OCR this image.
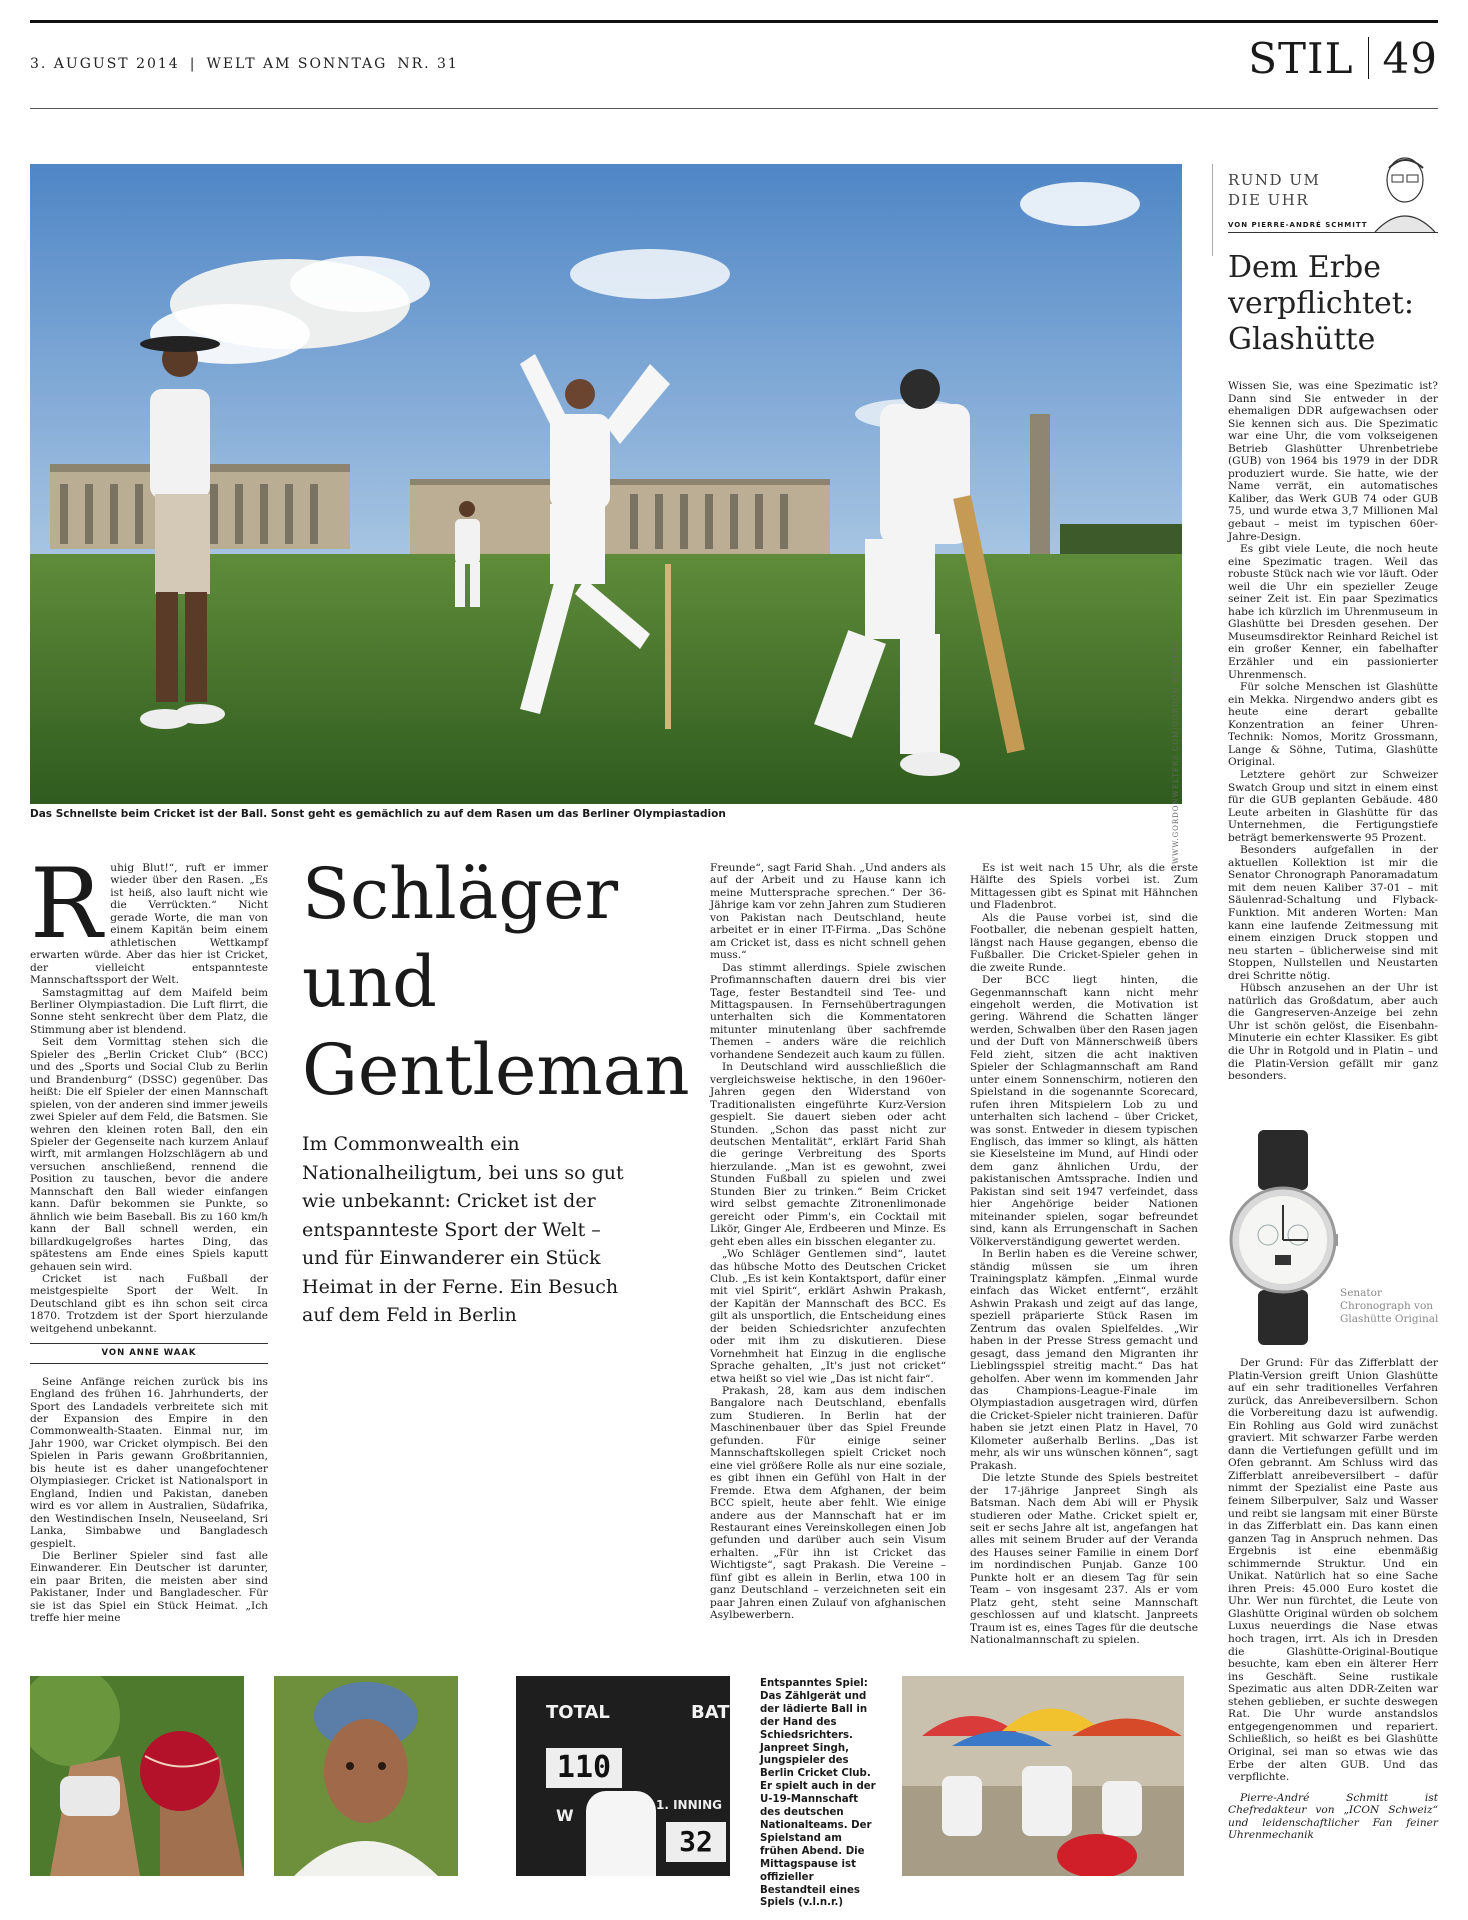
3. AUGUST 2014 | WELT AM SONNTAG NR. 31	STIL 49
WWW.GORDONWELTERS.COM/GORDON WELTERS
Das Schnellste beim Cricket ist der Ball. Sonst geht es gemächlich zu auf dem Rasen um das Berliner Olympiastadion
R uhig Blut!“, ruft er immer wieder über den Rasen. „Es ist heiß, also lauft nicht wie die Verrückten.“ Nicht gerade Worte, die man von einem Kapitän beim einem athletischen Wettkampf erwarten würde. Aber das hier ist Cricket, der vielleicht entspannteste Mannschaftssport der Welt.

Samstagmittag auf dem Maifeld beim Berliner Olympiastadion. Die Luft flirrt, die Sonne steht senkrecht über dem Platz, die Stimmung aber ist blendend.

Seit dem Vormittag stehen sich die Spieler des „Berlin Cricket Club“ (BCC) und des „Sports und Social Club zu Berlin und Brandenburg“ (DSSC) gegenüber. Das heißt: Die elf Spieler der einen Mannschaft spielen, von der anderen sind immer jeweils zwei Spieler auf dem Feld, die Batsmen. Sie wehren den kleinen roten Ball, den ein Spieler der Gegenseite nach kurzem Anlauf wirft, mit armlangen Holzschlägern ab und versuchen anschließend, rennend die Position zu tauschen, bevor die andere Mannschaft den Ball wieder einfangen kann. Dafür bekommen sie Punkte, so ähnlich wie beim Baseball. Bis zu 160 km/h kann der Ball schnell werden, ein billardkugelgroßes hartes Ding, das spätestens am Ende eines Spiels kaputt gehauen sein wird.

Cricket ist nach Fußball der meistgespielte Sport der Welt. In Deutschland gibt es ihn schon seit circa 1870. Trotzdem ist der Sport hierzulande weitgehend unbekannt.

VON ANNE WAAK

Seine Anfänge reichen zurück bis ins England des frühen 16. Jahrhunderts, der Sport des Landadels verbreitete sich mit der Expansion des Empire in den Commonwealth-Staaten. Einmal nur, im Jahr 1900, war Cricket olympisch. Bei den Spielen in Paris gewann Großbritannien, bis heute ist es daher unangefochtener Olympiasieger. Cricket ist Nationalsport in England, Indien und Pakistan, daneben wird es vor allem in Australien, Südafrika, den Westindischen Inseln, Neuseeland, Sri Lanka, Simbabwe und Bangladesch gespielt.

Die Berliner Spieler sind fast alle Einwanderer. Ein Deutscher ist darunter, ein paar Briten, die meisten aber sind Pakistaner, Inder und Bangladescher. Für sie ist das Spiel ein Stück Heimat. „Ich treffe hier meine

Schläger und Gentleman
Im Commonwealth ein Nationalheiligtum, bei uns so gut wie unbekannt: Cricket ist der entspannteste Sport der Welt – und für Einwanderer ein Stück Heimat in der Ferne. Ein Besuch auf dem Feld in Berlin

Freunde“, sagt Farid Shah. „Und anders als auf der Arbeit und zu Hause kann ich meine Muttersprache sprechen.“ Der 36-Jährige kam vor zehn Jahren zum Studieren von Pakistan nach Deutschland, heute arbeitet er in einer IT-Firma. „Das Schöne am Cricket ist, dass es nicht schnell gehen muss.“

Das stimmt allerdings. Spiele zwischen Profimannschaften dauern drei bis vier Tage, fester Bestandteil sind Tee- und Mittagspausen. In Fernsehübertragungen unterhalten sich die Kommentatoren mitunter minutenlang über sachfremde Themen – anders wäre die reichlich vorhandene Sendezeit auch kaum zu füllen.

In Deutschland wird ausschließlich die vergleichsweise hektische, in den 1960er-Jahren gegen den Widerstand von Traditionalisten eingeführte Kurz-Version gespielt. Sie dauert sieben oder acht Stunden. „Schon das passt nicht zur deutschen Mentalität“, erklärt Farid Shah die geringe Verbreitung des Sports hierzulande. „Man ist es gewohnt, zwei Stunden Fußball zu spielen und zwei Stunden Bier zu trinken.“ Beim Cricket wird selbst gemachte Zitronenlimonade gereicht oder Pimm's, ein Cocktail mit Likör, Ginger Ale, Erdbeeren und Minze. Es geht eben alles ein bisschen eleganter zu.

„Wo Schläger Gentlemen sind“, lautet das hübsche Motto des Deutschen Cricket Club. „Es ist kein Kontaktsport, dafür einer mit viel Spirit“, erklärt Ashwin Prakash, der Kapitän der Mannschaft des BCC. Es gilt als unsportlich, die Entscheidung eines der beiden Schiedsrichter anzufechten oder mit ihm zu diskutieren. Diese Vornehmheit hat Einzug in die englische Sprache gehalten, „It's just not cricket“ etwa heißt so viel wie „Das ist nicht fair“.

Prakash, 28, kam aus dem indischen Bangalore nach Deutschland, ebenfalls zum Studieren. In Berlin hat der Maschinenbauer über das Spiel Freunde gefunden. Für einige seiner Mannschaftskollegen spielt Cricket noch eine viel größere Rolle als nur eine soziale, es gibt ihnen ein Gefühl von Halt in der Fremde. Etwa dem Afghanen, der beim BCC spielt, heute aber fehlt. Wie einige andere aus der Mannschaft hat er im Restaurant eines Vereinskollegen einen Job gefunden und darüber auch sein Visum erhalten. „Für ihn ist Cricket das Wichtigste“, sagt Prakash. Die Vereine – fünf gibt es allein in Berlin, etwa 100 in ganz Deutschland – verzeichneten seit ein paar Jahren einen Zulauf von afghanischen Asylbewerbern.

Es ist weit nach 15 Uhr, als die erste Hälfte des Spiels vorbei ist. Zum Mittagessen gibt es Spinat mit Hähnchen und Fladenbrot.

Als die Pause vorbei ist, sind die Footballer, die nebenan gespielt hatten, längst nach Hause gegangen, ebenso die Fußballer. Die Cricket-Spieler gehen in die zweite Runde.

Der BCC liegt hinten, die Gegenmannschaft kann nicht mehr eingeholt werden, die Motivation ist gering. Während die Schatten länger werden, Schwalben über den Rasen jagen und der Duft von Männerschweiß übers Feld zieht, sitzen die acht inaktiven Spieler der Schlagmannschaft am Rand unter einem Sonnenschirm, notieren den Spielstand in die sogenannte Scorecard, rufen ihren Mitspielern Lob zu und unterhalten sich lachend – über Cricket, was sonst. Entweder in diesem typischen Englisch, das immer so klingt, als hätten sie Kieselsteine im Mund, auf Hindi oder dem ganz ähnlichen Urdu, der pakistanischen Amtssprache. Indien und Pakistan sind seit 1947 verfeindet, dass hier Angehörige beider Nationen miteinander spielen, sogar befreundet sind, kann als Errungenschaft in Sachen Völkerverständigung gewertet werden.

In Berlin haben es die Vereine schwer, ständig müssen sie um ihren Trainingsplatz kämpfen. „Einmal wurde einfach das Wicket entfernt“, erzählt Ashwin Prakash und zeigt auf das lange, speziell präparierte Stück Rasen im Zentrum das ovalen Spielfeldes. „Wir haben in der Presse Stress gemacht und gesagt, dass jemand den Migranten ihr Lieblingsspiel streitig macht.“ Das hat geholfen. Aber wenn im kommenden Jahr das Champions-League-Finale im Olympiastadion ausgetragen wird, dürfen die Cricket-Spieler nicht trainieren. Dafür haben sie jetzt einen Platz in Havel, 70 Kilometer außerhalb Berlins. „Das ist mehr, als wir uns wünschen können“, sagt Prakash.

Die letzte Stunde des Spiels bestreitet der 17-jährige Janpreet Singh als Batsman. Nach dem Abi will er Physik studieren oder Mathe. Cricket spielt er, seit er sechs Jahre alt ist, angefangen hat alles mit seinem Bruder auf der Veranda des Hauses seiner Familie in einem Dorf im nordindischen Punjab. Ganze 100 Punkte holt er an diesem Tag für sein Team – von insgesamt 237. Als er vom Platz geht, steht seine Mannschaft geschlossen auf und klatscht. Janpreets Traum ist es, eines Tages für die deutsche Nationalmannschaft zu spielen.

TOTAL	BAT
110
W
1. INNING
32
Entspanntes Spiel: Das Zählgerät und der lädierte Ball in der Hand des Schiedsrichters. Janpreet Singh, Jungspieler des Berlin Cricket Club. Er spielt auch in der U-19-Mannschaft des deutschen Nationalteams. Der Spielstand am frühen Abend. Die Mittagspause ist offizieller Bestandteil eines Spiels (v.l.n.r.)
RUND UM
DIE UHR
VON PIERRE-ANDRÉ SCHMITT
Dem Erbe verpflichtet: Glashütte

Wissen Sie, was eine Spezimatic ist? Dann sind Sie entweder in der ehemaligen DDR aufgewachsen oder Sie kennen sich aus. Die Spezimatic war eine Uhr, die vom volkseigenen Betrieb Glashütter Uhrenbetriebe (GUB) von 1964 bis 1979 in der DDR produziert wurde. Sie hatte, wie der Name verrät, ein automatisches Kaliber, das Werk GUB 74 oder GUB 75, und wurde etwa 3,7 Millionen Mal gebaut – meist im typischen 60er-Jahre-Design.

Es gibt viele Leute, die noch heute eine Spezimatic tragen. Weil das robuste Stück nach wie vor läuft. Oder weil die Uhr ein spezieller Zeuge seiner Zeit ist. Ein paar Spezimatics habe ich kürzlich im Uhrenmuseum in Glashütte bei Dresden gesehen. Der Museumsdirektor Reinhard Reichel ist ein großer Kenner, ein fabelhafter Erzähler und ein passionierter Uhrenmensch.

Für solche Menschen ist Glashütte ein Mekka. Nirgendwo anders gibt es heute eine derart geballte Konzentration an feiner Uhren-Technik: Nomos, Moritz Grossmann, Lange & Söhne, Tutima, Glashütte Original.

Letztere gehört zur Schweizer Swatch Group und sitzt in einem einst für die GUB geplanten Gebäude. 480 Leute arbeiten in Glashütte für das Unternehmen, die Fertigungstiefe beträgt bemerkenswerte 95 Prozent.

Besonders aufgefallen in der aktuellen Kollektion ist mir die Senator Chronograph Panoramadatum mit dem neuen Kaliber 37-01 – mit Säulenrad-Schaltung und Flyback-Funktion. Mit anderen Worten: Man kann eine laufende Zeitmessung mit einem einzigen Druck stoppen und neu starten – üblicherweise sind mit Stoppen, Nullstellen und Neustarten drei Schritte nötig.

Hübsch anzusehen an der Uhr ist natürlich das Großdatum, aber auch die Gangreserven-Anzeige bei zehn Uhr ist schön gelöst, die Eisenbahn-Minuterie ein echter Klassiker. Es gibt die Uhr in Rotgold und in Platin – und die Platin-Version gefällt mir ganz besonders.

Senator Chronograph von Glashütte Original

Der Grund: Für das Zifferblatt der Platin-Version greift Union Glashütte auf ein sehr traditionelles Verfahren zurück, das Anreibeversilbern. Schon die Vorbereitung dazu ist aufwendig. Ein Rohling aus Gold wird zunächst graviert. Mit schwarzer Farbe werden dann die Vertiefungen gefüllt und im Ofen gebrannt. Am Schluss wird das Zifferblatt anreibeversilbert – dafür nimmt der Spezialist eine Paste aus feinem Silberpulver, Salz und Wasser und reibt sie langsam mit einer Bürste in das Zifferblatt ein. Das kann einen ganzen Tag in Anspruch nehmen. Das Ergebnis ist eine ebenmäßig schimmernde Struktur. Und ein Unikat. Natürlich hat so eine Sache ihren Preis: 45.000 Euro kostet die Uhr. Wer nun fürchtet, die Leute von Glashütte Original würden ob solchem Luxus neuerdings die Nase etwas hoch tragen, irrt. Als ich in Dresden die Glashütte-Original-Boutique besuchte, kam eben ein älterer Herr ins Geschäft. Seine rustikale Spezimatic aus alten DDR-Zeiten war stehen geblieben, er suchte deswegen Rat. Die Uhr wurde anstandslos entgegengenommen und repariert. Schließlich, so heißt es bei Glashütte Original, sei man so etwas wie das Erbe der alten GUB. Und das verpflichte.

Pierre-André Schmitt ist Chefredakteur von „ICON Schweiz“ und leidenschaftlicher Fan feiner Uhrenmechanik
